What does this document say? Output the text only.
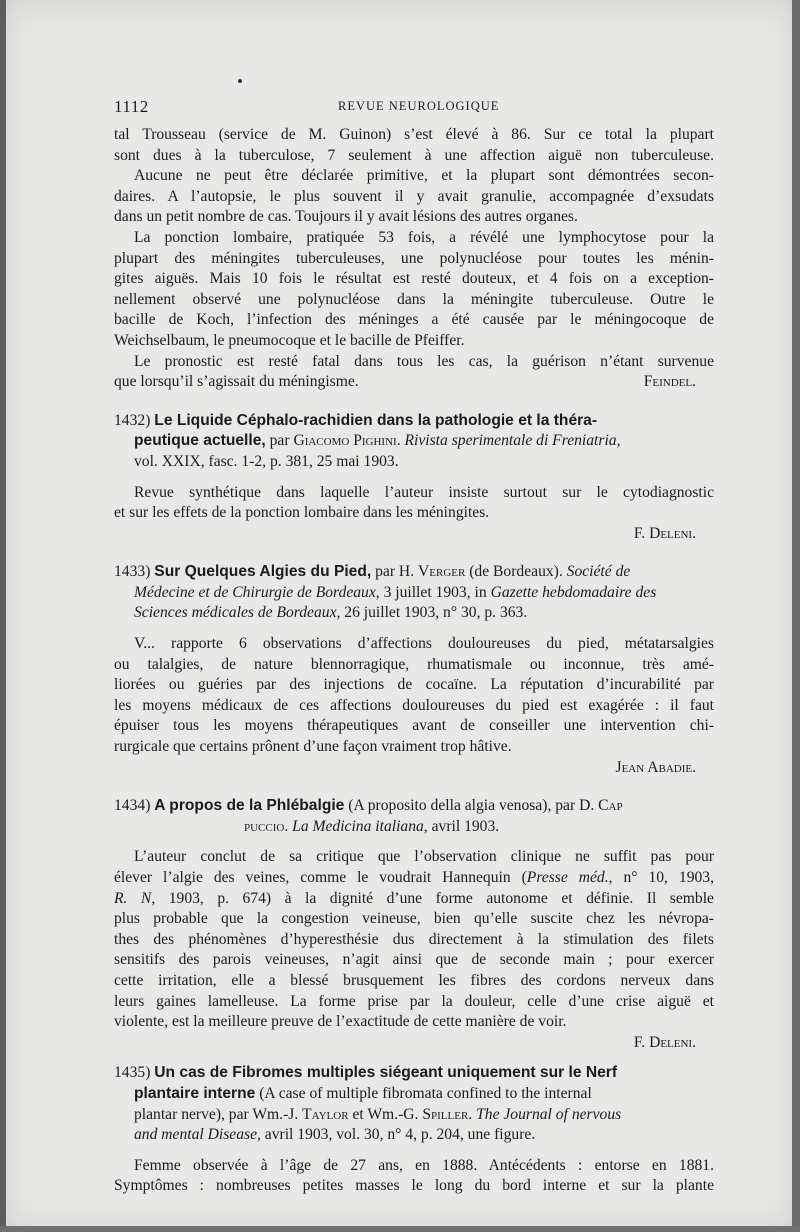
1112	REVUE NEUROLOGIQUE
tal Trousseau (service de M. Guinon) s’est élevé à 86. Sur ce total la plupart
sont dues à la tuberculose, 7 seulement à une affection aiguë non tuberculeuse.
Aucune ne peut être déclarée primitive, et la plupart sont démontrées secon-
daires. A l’autopsie, le plus souvent il y avait granulie, accompagnée d’exsudats
dans un petit nombre de cas. Toujours il y avait lésions des autres organes.
La ponction lombaire, pratiquée 53 fois, a révélé une lymphocytose pour la
plupart des méningites tuberculeuses, une polynucléose pour toutes les ménin-
gites aiguës. Mais 10 fois le résultat est resté douteux, et 4 fois on a exception-
nellement observé une polynucléose dans la méningite tuberculeuse. Outre le
bacille de Koch, l’infection des méninges a été causée par le méningocoque de
Weichselbaum, le pneumocoque et le bacille de Pfeiffer.
Le pronostic est resté fatal dans tous les cas, la guérison n’étant survenue
que lorsqu’il s’agissait du méningisme.	Feindel.
1432) Le Liquide Céphalo-rachidien dans la pathologie et la théra-
peutique actuelle, par Giacomo Pighini. Rivista sperimentale di Freniatria,
vol. XXIX, fasc. 1-2, p. 381, 25 mai 1903.
Revue synthétique dans laquelle l’auteur insiste surtout sur le cytodiagnostic
et sur les effets de la ponction lombaire dans les méningites.
F. Deleni.
1433) Sur Quelques Algies du Pied, par H. Verger (de Bordeaux). Société de
Médecine et de Chirurgie de Bordeaux, 3 juillet 1903, in Gazette hebdomadaire des
Sciences médicales de Bordeaux, 26 juillet 1903, n° 30, p. 363.
V... rapporte 6 observations d’affections douloureuses du pied, métatarsalgies
ou talalgies, de nature blennorragique, rhumatismale ou inconnue, très amé-
liorées ou guéries par des injections de cocaïne. La réputation d’incurabilité par
les moyens médicaux de ces affections douloureuses du pied est exagérée : il faut
épuiser tous les moyens thérapeutiques avant de conseiller une intervention chi-
rurgicale que certains prônent d’une façon vraiment trop hâtive.
Jean Abadie.
1434) A propos de la Phlébalgie (A proposito della algia venosa), par D. Cap
puccio. La Medicina italiana, avril 1903.
L’auteur conclut de sa critique que l’observation clinique ne suffit pas pour
élever l’algie des veines, comme le voudrait Hannequin (Presse méd., n° 10, 1903,
R. N, 1903, p. 674) à la dignité d’une forme autonome et définie. Il semble
plus probable que la congestion veineuse, bien qu’elle suscite chez les névropa-
thes des phénomènes d’hyperesthésie dus directement à la stimulation des filets
sensitifs des parois veineuses, n’agit ainsi que de seconde main ; pour exercer
cette irritation, elle a blessé brusquement les fibres des cordons nerveux dans
leurs gaines lamelleuse. La forme prise par la douleur, celle d’une crise aiguë et
violente, est la meilleure preuve de l’exactitude de cette manière de voir.
F. Deleni.
1435) Un cas de Fibromes multiples siégeant uniquement sur le Nerf
plantaire interne (A case of multiple fibromata confined to the internal
plantar nerve), par Wm.-J. Taylor et Wm.-G. Spiller. The Journal of nervous
and mental Disease, avril 1903, vol. 30, n° 4, p. 204, une figure.
Femme observée à l’âge de 27 ans, en 1888. Antécédents : entorse en 1881.
Symptômes : nombreuses petites masses le long du bord interne et sur la plante
